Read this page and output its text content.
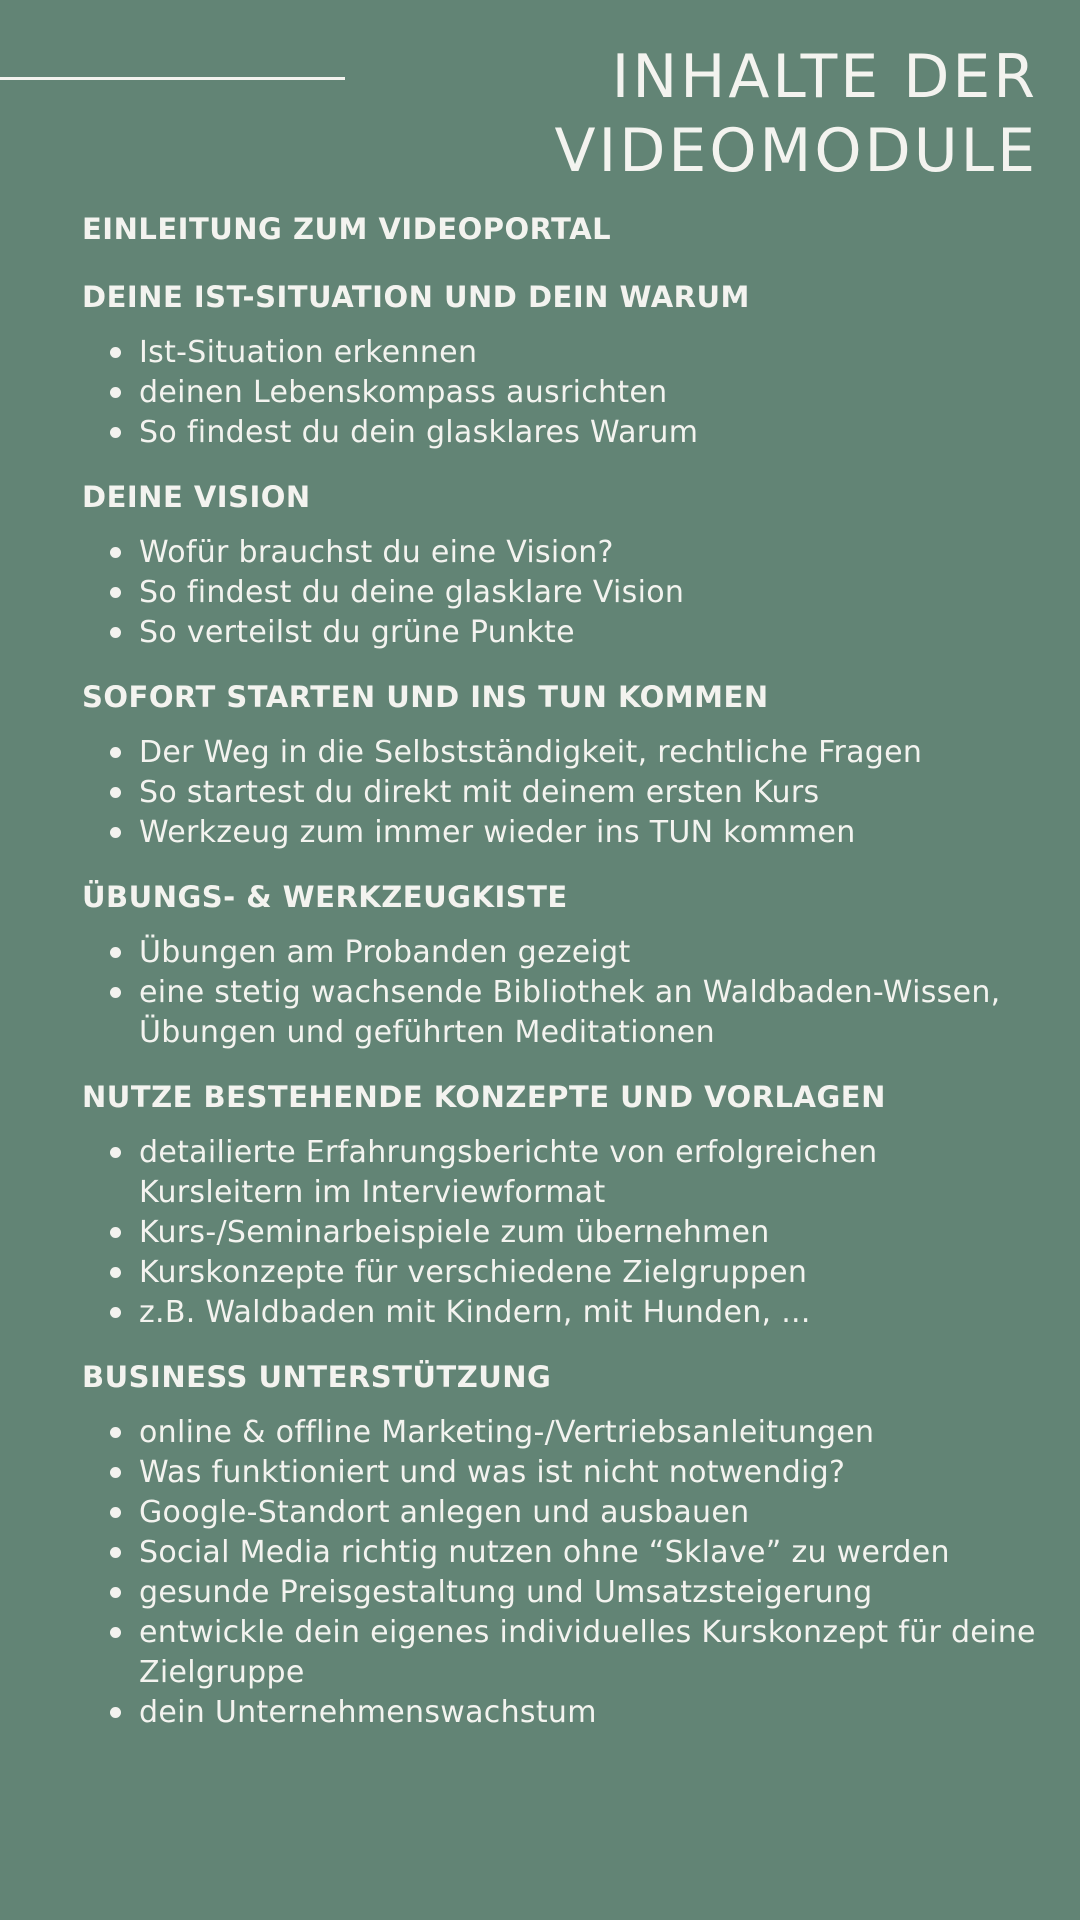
INHALTE DER
VIDEOMODULE
EINLEITUNG ZUM VIDEOPORTAL
DEINE IST-SITUATION UND DEIN WARUM
Ist-Situation erkennen
deinen Lebenskompass ausrichten
So findest du dein glasklares Warum
DEINE VISION
Wofür brauchst du eine Vision?
So findest du deine glasklare Vision
So verteilst du grüne Punkte
SOFORT STARTEN UND INS TUN KOMMEN
Der Weg in die Selbstständigkeit, rechtliche Fragen
So startest du direkt mit deinem ersten Kurs
Werkzeug zum immer wieder ins TUN kommen
ÜBUNGS- & WERKZEUGKISTE
Übungen am Probanden gezeigt
eine stetig wachsende Bibliothek an Waldbaden-Wissen, Übungen und geführten Meditationen
NUTZE BESTEHENDE KONZEPTE UND VORLAGEN
detailierte Erfahrungsberichte von erfolgreichen Kursleitern im Interviewformat
Kurs-/Seminarbeispiele zum übernehmen
Kurskonzepte für verschiedene Zielgruppen
z.B. Waldbaden mit Kindern, mit Hunden, ...
BUSINESS UNTERSTÜTZUNG
online & offline Marketing-/Vertriebsanleitungen
Was funktioniert und was ist nicht notwendig?
Google-Standort anlegen und ausbauen
Social Media richtig nutzen ohne “Sklave” zu werden
gesunde Preisgestaltung und Umsatzsteigerung
entwickle dein eigenes individuelles Kurskonzept für deine Zielgruppe
dein Unternehmenswachstum
